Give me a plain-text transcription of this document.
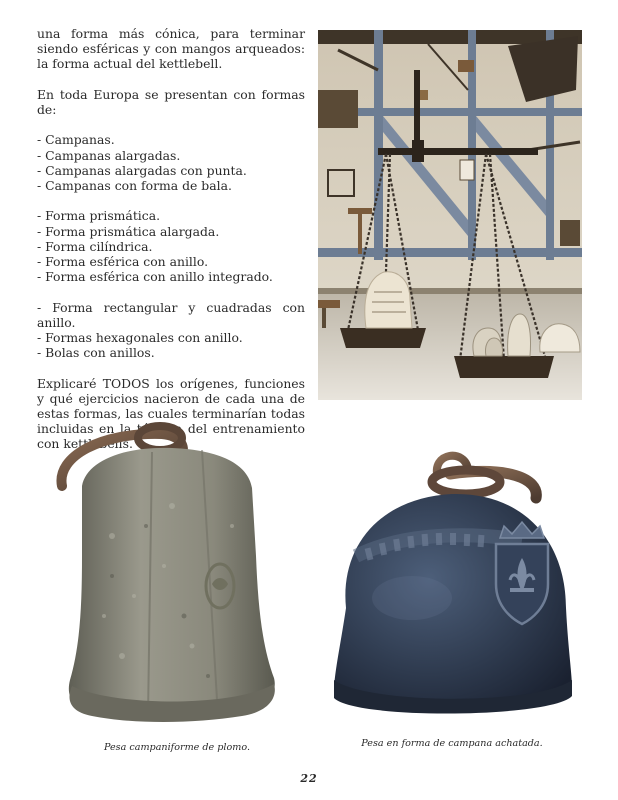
una forma más cónica, para terminar siendo esféricas y con mangos arqueados: la forma actual del kettlebell.

En toda Europa se presentan con formas de:

- Campanas.
- Campanas alargadas.
- Campanas alargadas con punta.
- Campanas con forma de bala.
- Forma prismática.
- Forma prismática alargada.
- Forma cilíndrica.
- Forma esférica con anillo.
- Forma esférica con anillo integrado.
- Forma rectangular y cuadradas con anillo.
- Formas hexagonales con anillo.
- Bolas con anillos.

Explicaré TODOS los orígenes, funciones y qué ejercicios nacieron de cada una de estas formas, las cuales terminarían todas incluidas en la técnica del entrenamiento con kettlebells.

Pesa campaniforme de plomo.	Pesa en forma de campana achatada.
22
